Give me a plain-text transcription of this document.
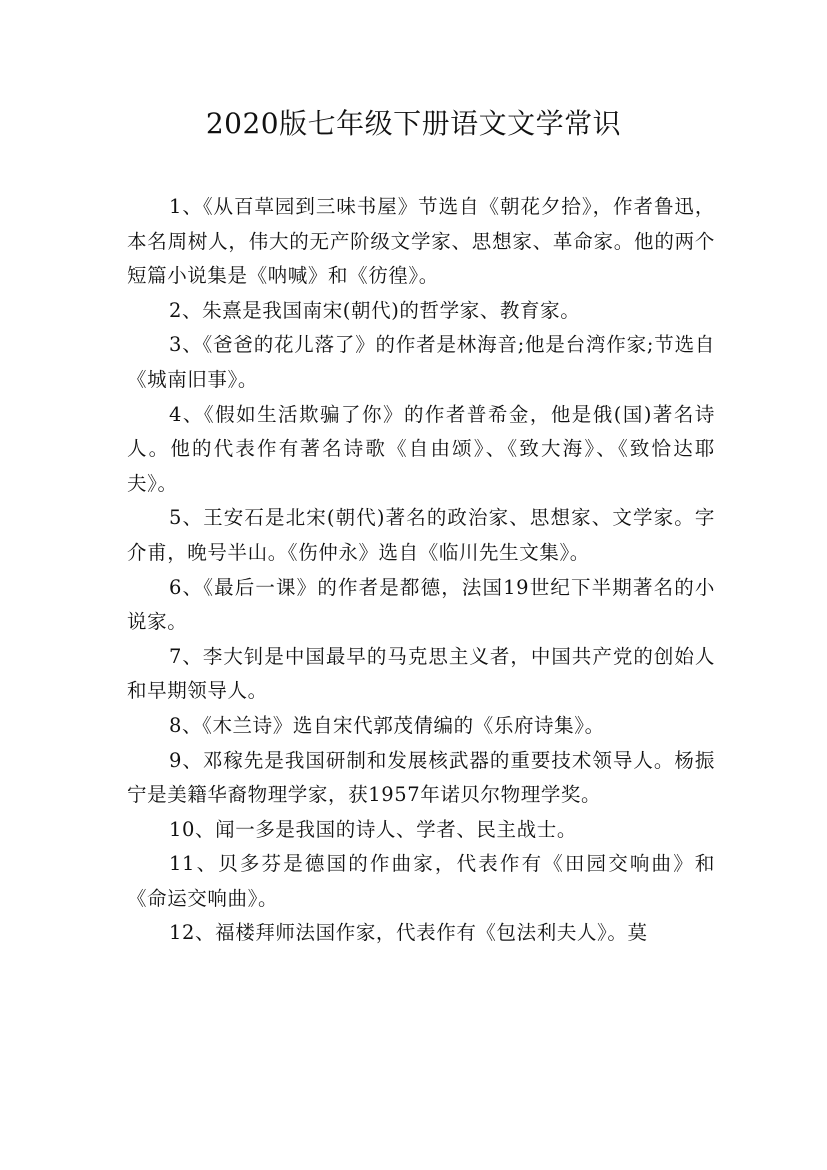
2020版七年级下册语文文学常识

1、《从百草园到三味书屋》节选自《朝花夕拾》，作者鲁迅，本名周树人，伟大的无产阶级文学家、思想家、革命家。他的两个短篇小说集是《呐喊》和《彷徨》。

2、朱熹是我国南宋(朝代)的哲学家、教育家。

3、《爸爸的花儿落了》的作者是林海音;他是台湾作家;节选自《城南旧事》。

4、《假如生活欺骗了你》的作者普希金，他是俄(国)著名诗人。他的代表作有著名诗歌《自由颂》、《致大海》、《致恰达耶夫》。

5、王安石是北宋(朝代)著名的政治家、思想家、文学家。字介甫，晚号半山。《伤仲永》选自《临川先生文集》。

6、《最后一课》的作者是都德，法国19世纪下半期著名的小说家。

7、李大钊是中国最早的马克思主义者，中国共产党的创始人和早期领导人。

8、《木兰诗》选自宋代郭茂倩编的《乐府诗集》。

9、邓稼先是我国研制和发展核武器的重要技术领导人。杨振宁是美籍华裔物理学家，获1957年诺贝尔物理学奖。

10、闻一多是我国的诗人、学者、民主战士。

11、贝多芬是德国的作曲家，代表作有《田园交响曲》和《命运交响曲》。

12、福楼拜师法国作家，代表作有《包法利夫人》。莫
